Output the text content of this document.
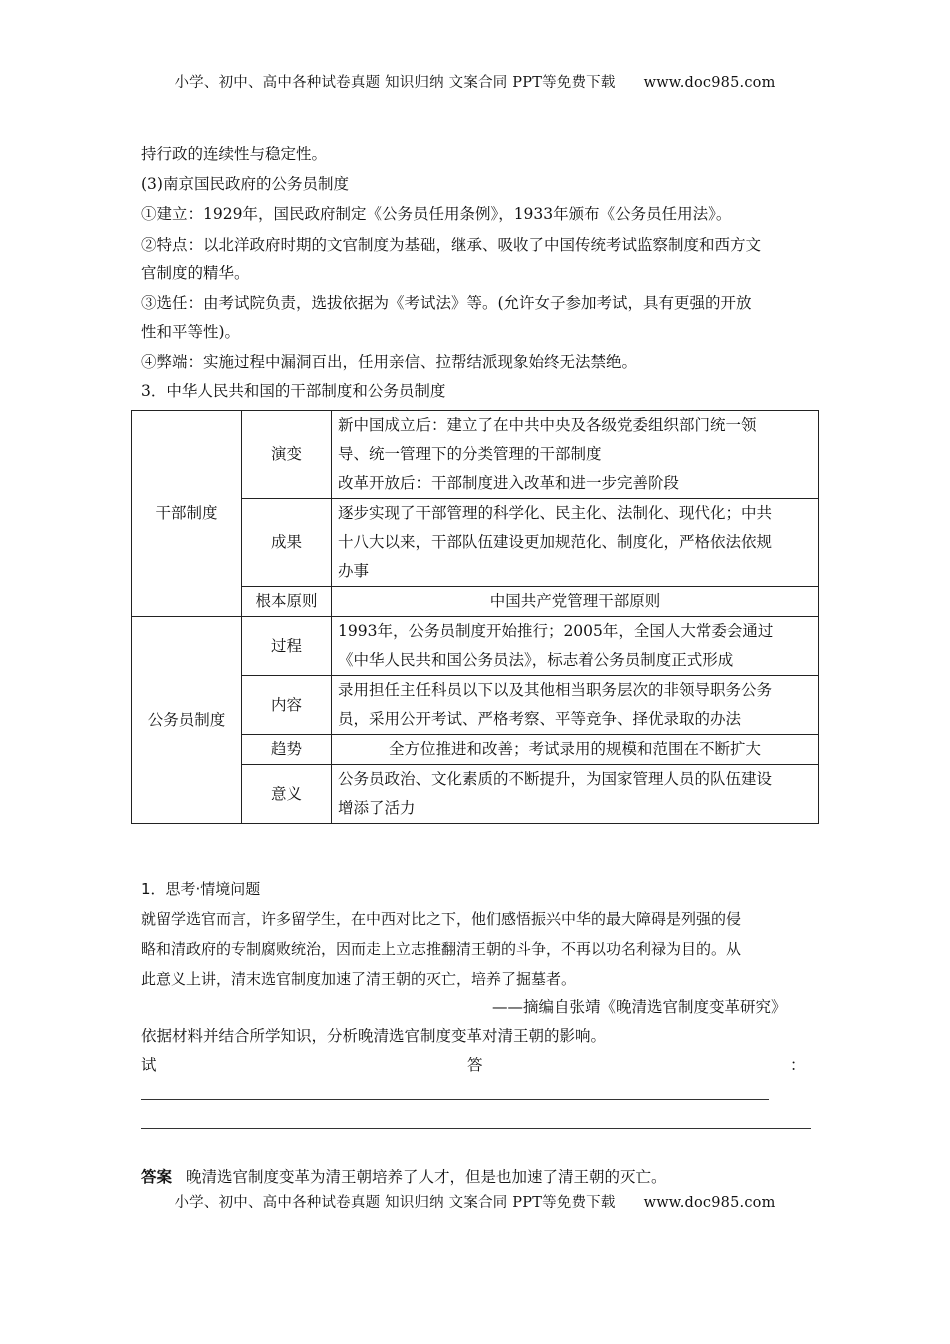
小学、初中、高中各种试卷真题 知识归纳 文案合同 PPT等免费下载 www.doc985.com
持行政的连续性与稳定性。
(3)南京国民政府的公务员制度
①建立：1929年，国民政府制定《公务员任用条例》，1933年颁布《公务员任用法》。
②特点：以北洋政府时期的文官制度为基础，继承、吸收了中国传统考试监察制度和西方文
官制度的精华。
③选任：由考试院负责，选拔依据为《考试法》等。(允许女子参加考试，具有更强的开放
性和平等性)。
④弊端：实施过程中漏洞百出，任用亲信、拉帮结派现象始终无法禁绝。
3．中华人民共和国的干部制度和公务员制度
干部制度	演变	新中国成立后：建立了在中共中央及各级党委组织部门统一领
导、统一管理下的分类管理的干部制度
改革开放后：干部制度进入改革和进一步完善阶段

	成果	逐步实现了干部管理的科学化、民主化、法制化、现代化；中共
十八大以来，干部队伍建设更加规范化、制度化，严格依法依规
办事

	根本原则	中国共产党管理干部原则
公务员制度	过程	1993年，公务员制度开始推行；2005年，全国人大常委会通过
《中华人民共和国公务员法》，标志着公务员制度正式形成

	内容	录用担任主任科员以下以及其他相当职务层次的非领导职务公务
员，采用公开考试、严格考察、平等竞争、择优录取的办法

	趋势	全方位推进和改善；考试录用的规模和范围在不断扩大
	意义	公务员政治、文化素质的不断提升，为国家管理人员的队伍建设
增添了活力
1．思考·情境问题
就留学选官而言，许多留学生，在中西对比之下，他们感悟振兴中华的最大障碍是列强的侵
略和清政府的专制腐败统治，因而走上立志推翻清王朝的斗争，不再以功名利禄为目的。从
此意义上讲，清末选官制度加速了清王朝的灭亡，培养了掘墓者。
——摘编自张靖《晚清选官制度变革研究》
依据材料并结合所学知识，分析晚清选官制度变革对清王朝的影响。
试	答	：
答案 晚清选官制度变革为清王朝培养了人才，但是也加速了清王朝的灭亡。
小学、初中、高中各种试卷真题 知识归纳 文案合同 PPT等免费下载 www.doc985.com
